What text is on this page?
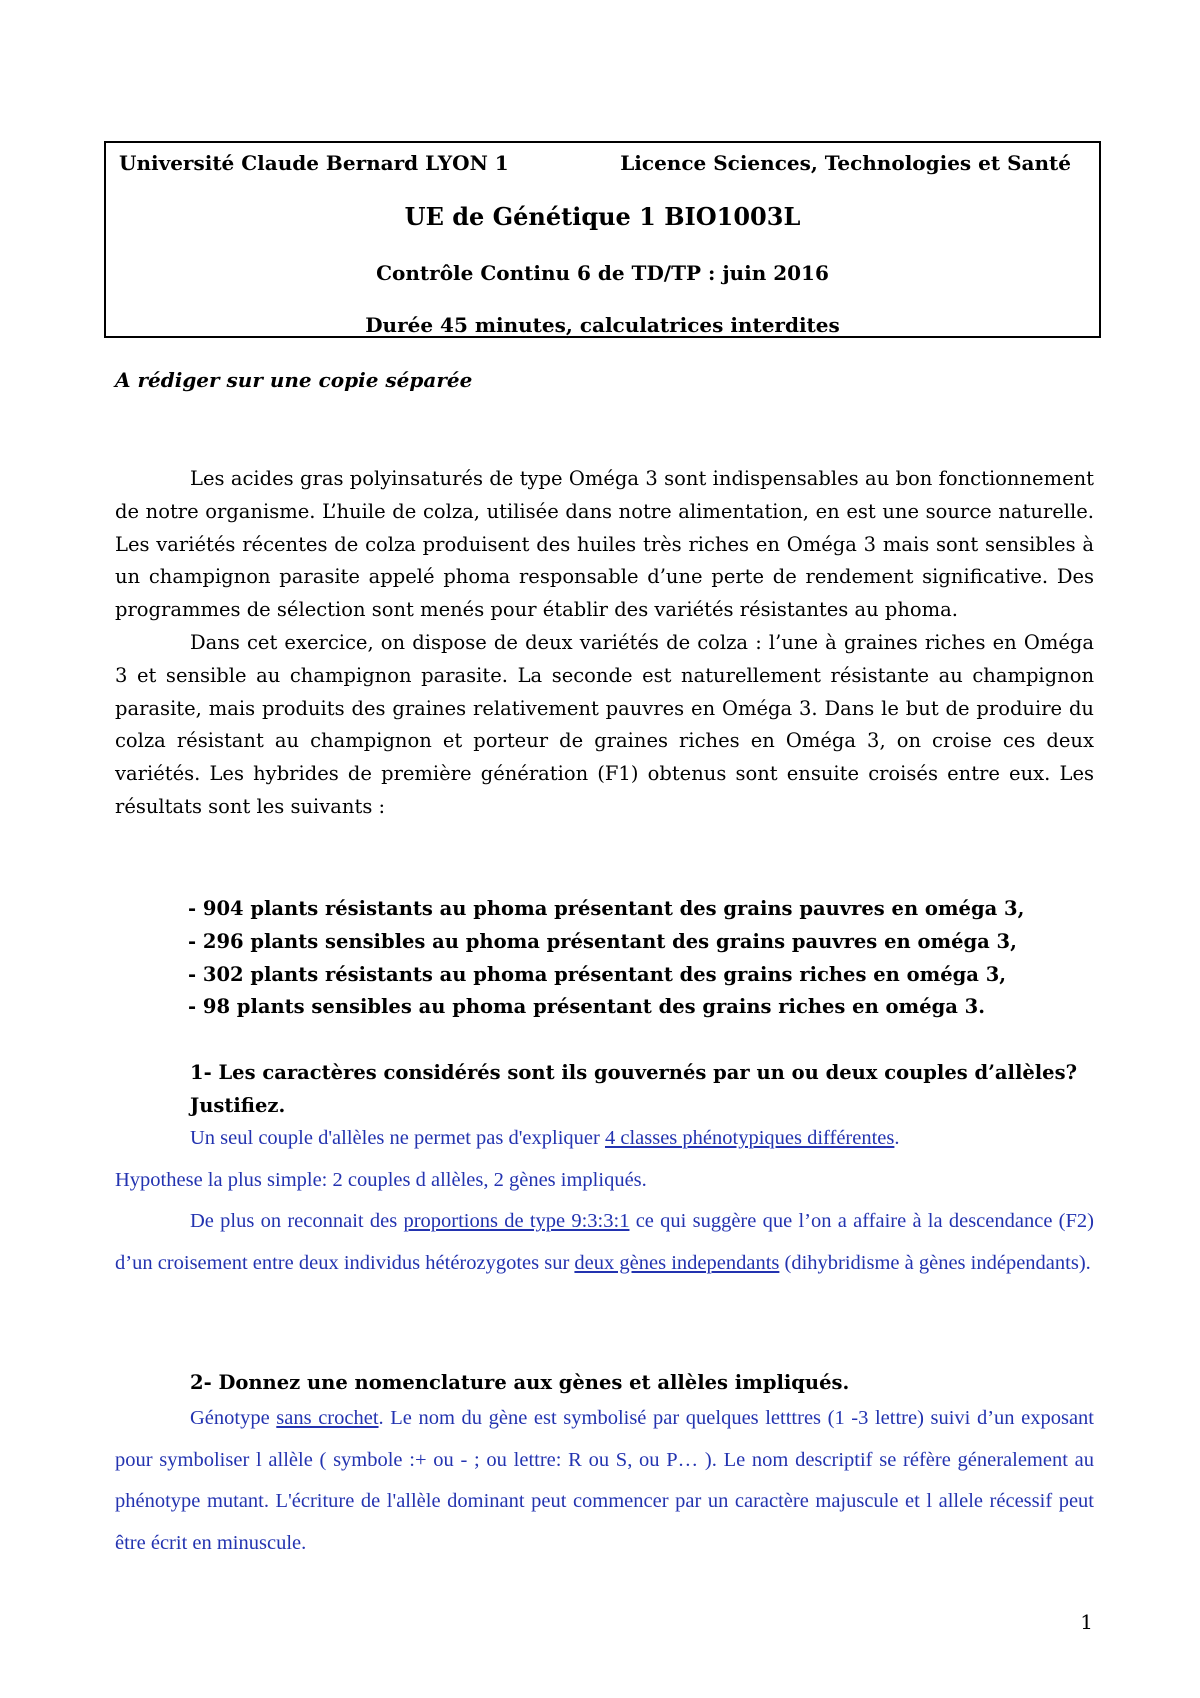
Université Claude Bernard LYON 1	Licence Sciences, Technologies et Santé
UE de Génétique 1 BIO1003L
Contrôle Continu 6 de TD/TP : juin 2016
Durée 45 minutes, calculatrices interdites
A rédiger sur une copie séparée

Les acides gras polyinsaturés de type Oméga 3 sont indispensables au bon fonctionnement de notre organisme. L’huile de colza, utilisée dans notre alimentation, en est une source naturelle. Les variétés récentes de colza produisent des huiles très riches en Oméga 3 mais sont sensibles à un champignon parasite appelé phoma responsable d’une perte de rendement significative. Des programmes de sélection sont menés pour établir des variétés résistantes au phoma.

Dans cet exercice, on dispose de deux variétés de colza : l’une à graines riches en Oméga 3 et sensible au champignon parasite. La seconde est naturellement résistante au champignon parasite, mais produits des graines relativement pauvres en Oméga 3. Dans le but de produire du colza résistant au champignon et porteur de graines riches en Oméga 3, on croise ces deux variétés. Les hybrides de première génération (F1) obtenus sont ensuite croisés entre eux. Les résultats sont les suivants :

- 904 plants résistants au phoma présentant des grains pauvres en oméga 3,
- 296 plants sensibles au phoma présentant des grains pauvres en oméga 3,
- 302 plants résistants au phoma présentant des grains riches en oméga 3,
- 98 plants sensibles au phoma présentant des grains riches en oméga 3.
1- Les caractères considérés sont ils gouvernés par un ou deux couples d’allèles? Justifiez.

Un seul couple d'allèles ne permet pas d'expliquer 4 classes phénotypiques différentes.

Hypothese la plus simple: 2 couples d allèles, 2 gènes impliqués.

De plus on reconnait des proportions de type 9:3:3:1 ce qui suggère que l’on a affaire à la descendance (F2) d’un croisement entre deux individus hétérozygotes sur deux gènes independants (dihybridisme à gènes indépendants).

2- Donnez une nomenclature aux gènes et allèles impliqués.

Génotype sans crochet. Le nom du gène est symbolisé par quelques letttres (1 -3 lettre) suivi d’un exposant pour symboliser l allèle ( symbole :+ ou - ; ou lettre: R ou S, ou P… ). Le nom descriptif se réfère géneralement au phénotype mutant. L'écriture de l'allèle dominant peut commencer par un caractère majuscule et l allele récessif peut être écrit en minuscule.

1
